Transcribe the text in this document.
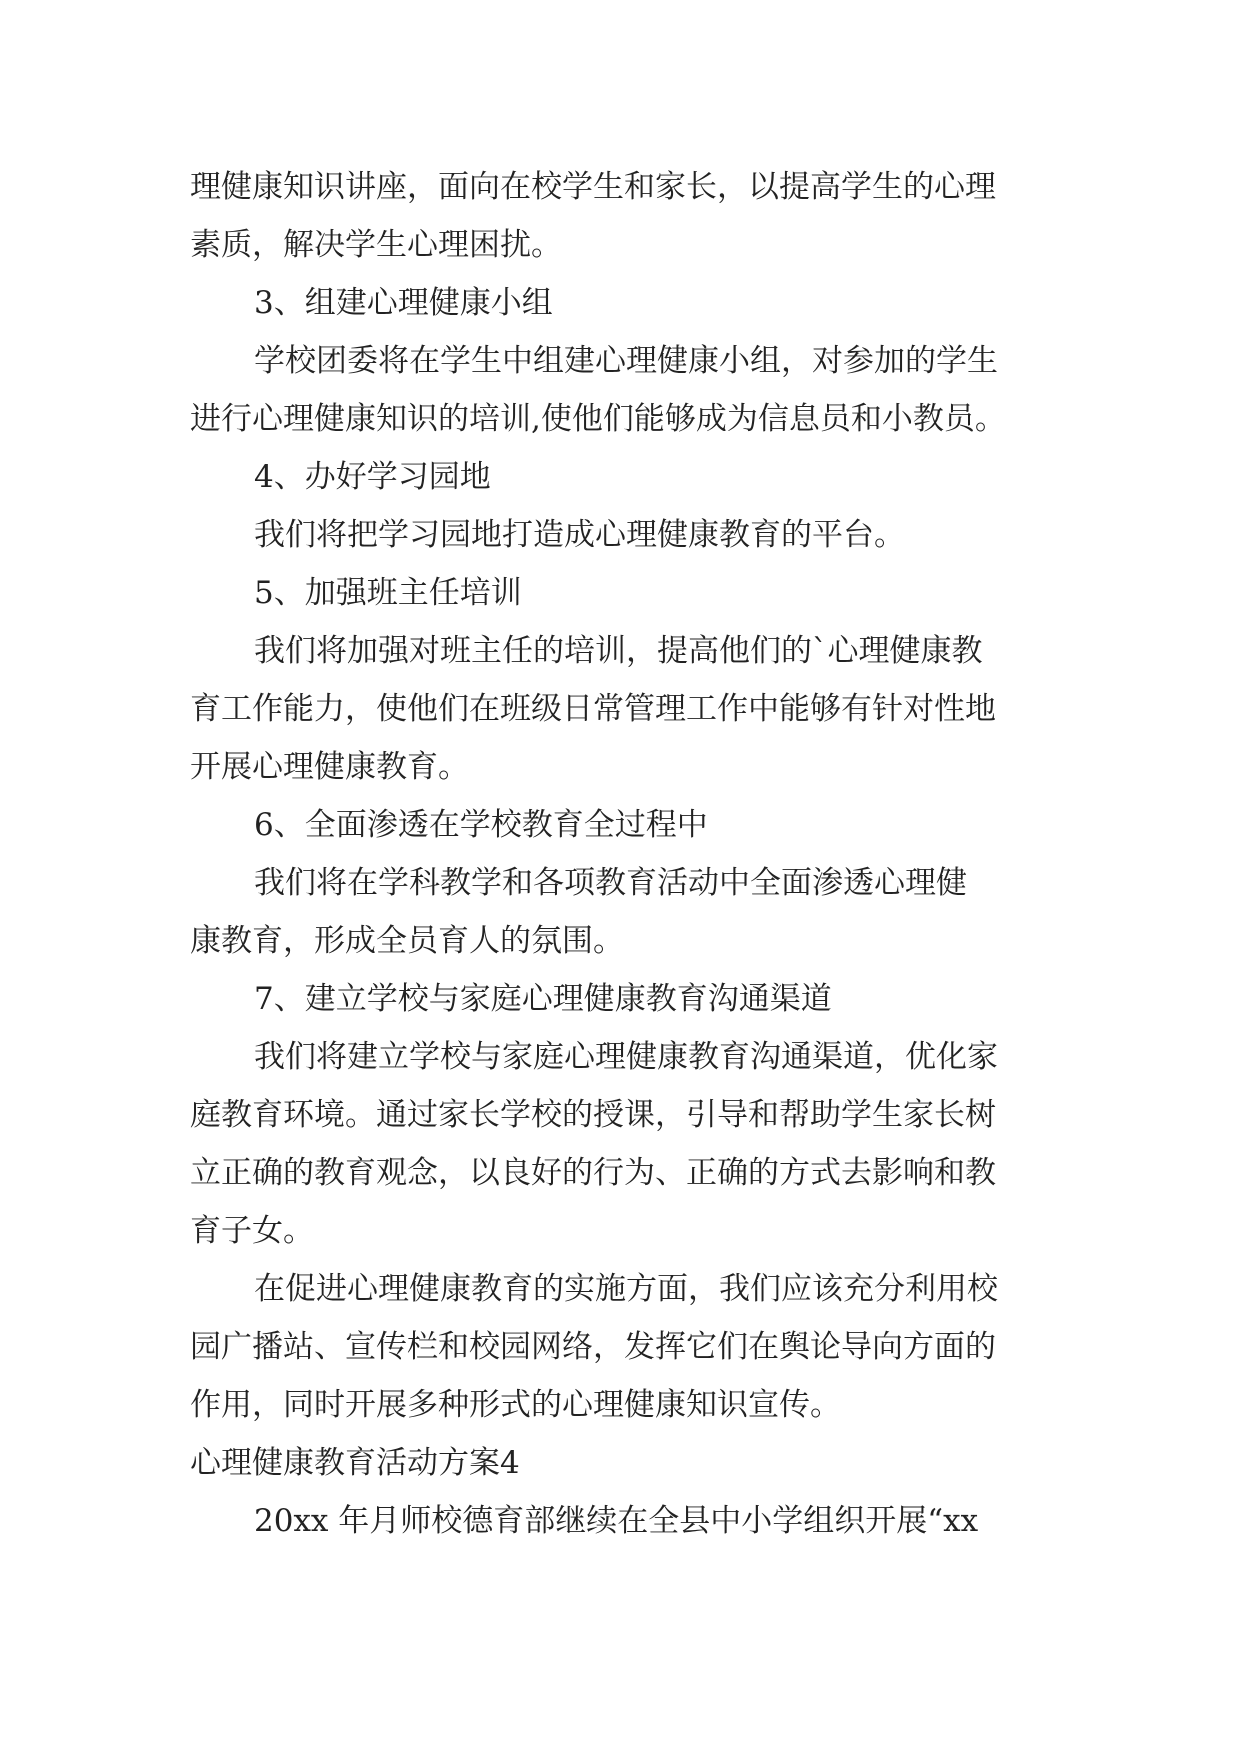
理健康知识讲座，面向在校学生和家长，以提高学生的心理
素质，解决学生心理困扰。
3、组建心理健康小组
学校团委将在学生中组建心理健康小组，对参加的学生
进行心理健康知识的培训,使他们能够成为信息员和小教员。
4、办好学习园地
我们将把学习园地打造成心理健康教育的平台。
5、加强班主任培训
我们将加强对班主任的培训，提高他们的`心理健康教
育工作能力，使他们在班级日常管理工作中能够有针对性地
开展心理健康教育。
6、全面渗透在学校教育全过程中
我们将在学科教学和各项教育活动中全面渗透心理健
康教育，形成全员育人的氛围。
7、建立学校与家庭心理健康教育沟通渠道
我们将建立学校与家庭心理健康教育沟通渠道，优化家
庭教育环境。通过家长学校的授课，引导和帮助学生家长树
立正确的教育观念，以良好的行为、正确的方式去影响和教
育子女。
在促进心理健康教育的实施方面，我们应该充分利用校
园广播站、宣传栏和校园网络，发挥它们在舆论导向方面的
作用，同时开展多种形式的心理健康知识宣传。
心理健康教育活动方案4
20xx 年月师校德育部继续在全县中小学组织开展“xx
